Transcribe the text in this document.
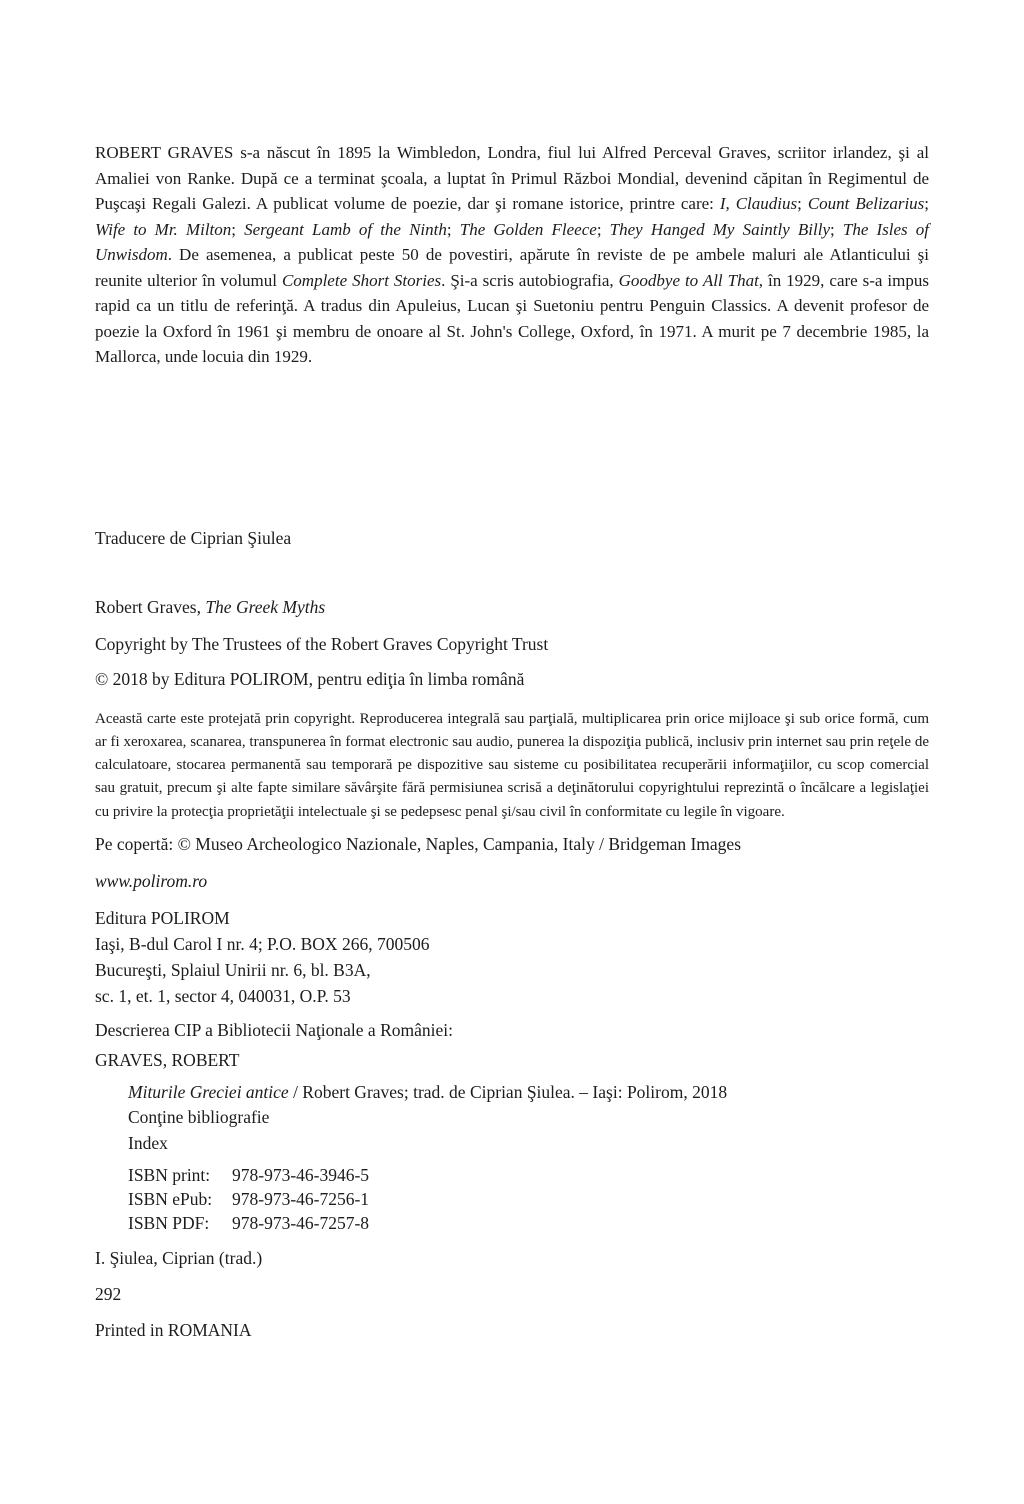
ROBERT GRAVES s-a născut în 1895 la Wimbledon, Londra, fiul lui Alfred Perceval Graves, scriitor irlandez, şi al Amaliei von Ranke. După ce a terminat şcoala, a luptat în Primul Război Mondial, devenind căpitan în Regimentul de Puşcaşi Regali Galezi. A publicat volume de poezie, dar şi romane istorice, printre care: I, Claudius; Count Belizarius; Wife to Mr. Milton; Sergeant Lamb of the Ninth; The Golden Fleece; They Hanged My Saintly Billy; The Isles of Unwisdom. De asemenea, a publicat peste 50 de povestiri, apărute în reviste de pe ambele maluri ale Atlanticului şi reunite ulterior în volumul Complete Short Stories. Şi-a scris autobiografia, Goodbye to All That, în 1929, care s-a impus rapid ca un titlu de referinţă. A tradus din Apuleius, Lucan şi Suetoniu pentru Penguin Classics. A devenit profesor de poezie la Oxford în 1961 şi membru de onoare al St. John's College, Oxford, în 1971. A murit pe 7 decembrie 1985, la Mallorca, unde locuia din 1929.

Traducere de Ciprian Şiulea

Robert Graves, The Greek Myths

Copyright by The Trustees of the Robert Graves Copyright Trust

© 2018 by Editura POLIROM, pentru ediţia în limba română

Această carte este protejată prin copyright. Reproducerea integrală sau parţială, multiplicarea prin orice mijloace şi sub orice formă, cum ar fi xeroxarea, scanarea, transpunerea în format electronic sau audio, punerea la dispoziţia publică, inclusiv prin internet sau prin reţele de calculatoare, stocarea permanentă sau temporară pe dispozitive sau sisteme cu posibilitatea recuperării informaţiilor, cu scop comercial sau gratuit, precum şi alte fapte similare săvârşite fără permisiunea scrisă a deţinătorului copyrightului reprezintă o încălcare a legislaţiei cu privire la protecţia proprietăţii intelectuale şi se pedepsesc penal şi/sau civil în conformitate cu legile în vigoare.

Pe copertă: © Museo Archeologico Nazionale, Naples, Campania, Italy / Bridgeman Images

www.polirom.ro

Editura POLIROM

Iaşi, B-dul Carol I nr. 4; P.O. BOX 266, 700506

Bucureşti, Splaiul Unirii nr. 6, bl. B3A,

sc. 1, et. 1, sector 4, 040031, O.P. 53

Descrierea CIP a Bibliotecii Naţionale a României:

GRAVES, ROBERT

Miturile Greciei antice / Robert Graves; trad. de Ciprian Şiulea. – Iaşi: Polirom, 2018

Conţine bibliografie

Index

ISBN print: 978-973-46-3946-5

ISBN ePub: 978-973-46-7256-1

ISBN PDF: 978-973-46-7257-8

I. Şiulea, Ciprian (trad.)

292

Printed in ROMANIA
